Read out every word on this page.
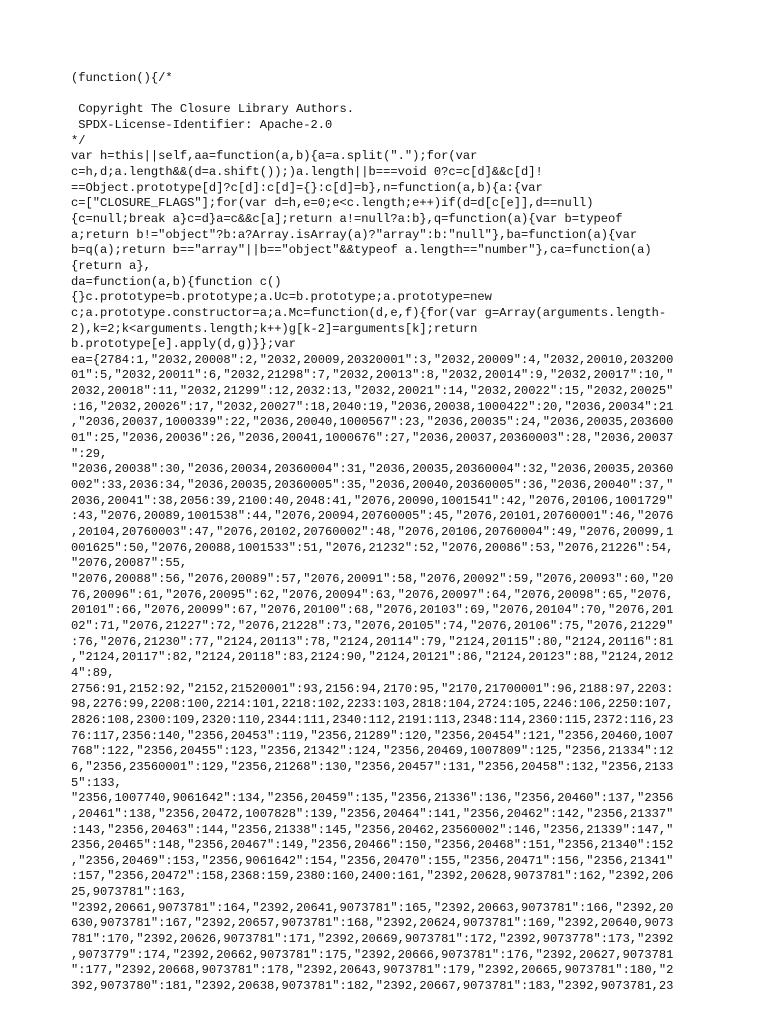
(function(){/*
Copyright The Closure Library Authors.
SPDX-License-Identifier: Apache-2.0
*/
var h=this||self,aa=function(a,b){a=a.split(".");for(var
c=h,d;a.length&&(d=a.shift());)a.length||b===void 0?c=c[d]&&c[d]!
==Object.prototype[d]?c[d]:c[d]={}:c[d]=b},n=function(a,b){a:{var
c=["CLOSURE_FLAGS"];for(var d=h,e=0;e<c.length;e++)if(d=d[c[e]],d==null)
{c=null;break a}c=d}a=c&&c[a];return a!=null?a:b},q=function(a){var b=typeof
a;return b!="object"?b:a?Array.isArray(a)?"array":b:"null"},ba=function(a){var
b=q(a);return b=="array"||b=="object"&&typeof a.length=="number"},ca=function(a)
{return a},
da=function(a,b){function c()
{}c.prototype=b.prototype;a.Uc=b.prototype;a.prototype=new
c;a.prototype.constructor=a;a.Mc=function(d,e,f){for(var g=Array(arguments.length-
2),k=2;k<arguments.length;k++)g[k-2]=arguments[k];return
b.prototype[e].apply(d,g)}};var
ea={2784:1,"2032,20008":2,"2032,20009,20320001":3,"2032,20009":4,"2032,20010,203200
01":5,"2032,20011":6,"2032,21298":7,"2032,20013":8,"2032,20014":9,"2032,20017":10,"
2032,20018":11,"2032,21299":12,2032:13,"2032,20021":14,"2032,20022":15,"2032,20025"
:16,"2032,20026":17,"2032,20027":18,2040:19,"2036,20038,1000422":20,"2036,20034":21
,"2036,20037,1000339":22,"2036,20040,1000567":23,"2036,20035":24,"2036,20035,203600
01":25,"2036,20036":26,"2036,20041,1000676":27,"2036,20037,20360003":28,"2036,20037
":29,
"2036,20038":30,"2036,20034,20360004":31,"2036,20035,20360004":32,"2036,20035,20360
002":33,2036:34,"2036,20035,20360005":35,"2036,20040,20360005":36,"2036,20040":37,"
2036,20041":38,2056:39,2100:40,2048:41,"2076,20090,1001541":42,"2076,20106,1001729"
:43,"2076,20089,1001538":44,"2076,20094,20760005":45,"2076,20101,20760001":46,"2076
,20104,20760003":47,"2076,20102,20760002":48,"2076,20106,20760004":49,"2076,20099,1
001625":50,"2076,20088,1001533":51,"2076,21232":52,"2076,20086":53,"2076,21226":54,
"2076,20087":55,
"2076,20088":56,"2076,20089":57,"2076,20091":58,"2076,20092":59,"2076,20093":60,"20
76,20096":61,"2076,20095":62,"2076,20094":63,"2076,20097":64,"2076,20098":65,"2076,
20101":66,"2076,20099":67,"2076,20100":68,"2076,20103":69,"2076,20104":70,"2076,201
02":71,"2076,21227":72,"2076,21228":73,"2076,20105":74,"2076,20106":75,"2076,21229"
:76,"2076,21230":77,"2124,20113":78,"2124,20114":79,"2124,20115":80,"2124,20116":81
,"2124,20117":82,"2124,20118":83,2124:90,"2124,20121":86,"2124,20123":88,"2124,2012
4":89,
2756:91,2152:92,"2152,21520001":93,2156:94,2170:95,"2170,21700001":96,2188:97,2203:
98,2276:99,2208:100,2214:101,2218:102,2233:103,2818:104,2724:105,2246:106,2250:107,
2826:108,2300:109,2320:110,2344:111,2340:112,2191:113,2348:114,2360:115,2372:116,23
76:117,2356:140,"2356,20453":119,"2356,21289":120,"2356,20454":121,"2356,20460,1007
768":122,"2356,20455":123,"2356,21342":124,"2356,20469,1007809":125,"2356,21334":12
6,"2356,23560001":129,"2356,21268":130,"2356,20457":131,"2356,20458":132,"2356,2133
5":133,
"2356,1007740,9061642":134,"2356,20459":135,"2356,21336":136,"2356,20460":137,"2356
,20461":138,"2356,20472,1007828":139,"2356,20464":141,"2356,20462":142,"2356,21337"
:143,"2356,20463":144,"2356,21338":145,"2356,20462,23560002":146,"2356,21339":147,"
2356,20465":148,"2356,20467":149,"2356,20466":150,"2356,20468":151,"2356,21340":152
,"2356,20469":153,"2356,9061642":154,"2356,20470":155,"2356,20471":156,"2356,21341"
:157,"2356,20472":158,2368:159,2380:160,2400:161,"2392,20628,9073781":162,"2392,206
25,9073781":163,
"2392,20661,9073781":164,"2392,20641,9073781":165,"2392,20663,9073781":166,"2392,20
630,9073781":167,"2392,20657,9073781":168,"2392,20624,9073781":169,"2392,20640,9073
781":170,"2392,20626,9073781":171,"2392,20669,9073781":172,"2392,9073778":173,"2392
,9073779":174,"2392,20662,9073781":175,"2392,20666,9073781":176,"2392,20627,9073781
":177,"2392,20668,9073781":178,"2392,20643,9073781":179,"2392,20665,9073781":180,"2
392,9073780":181,"2392,20638,9073781":182,"2392,20667,9073781":183,"2392,9073781,23
